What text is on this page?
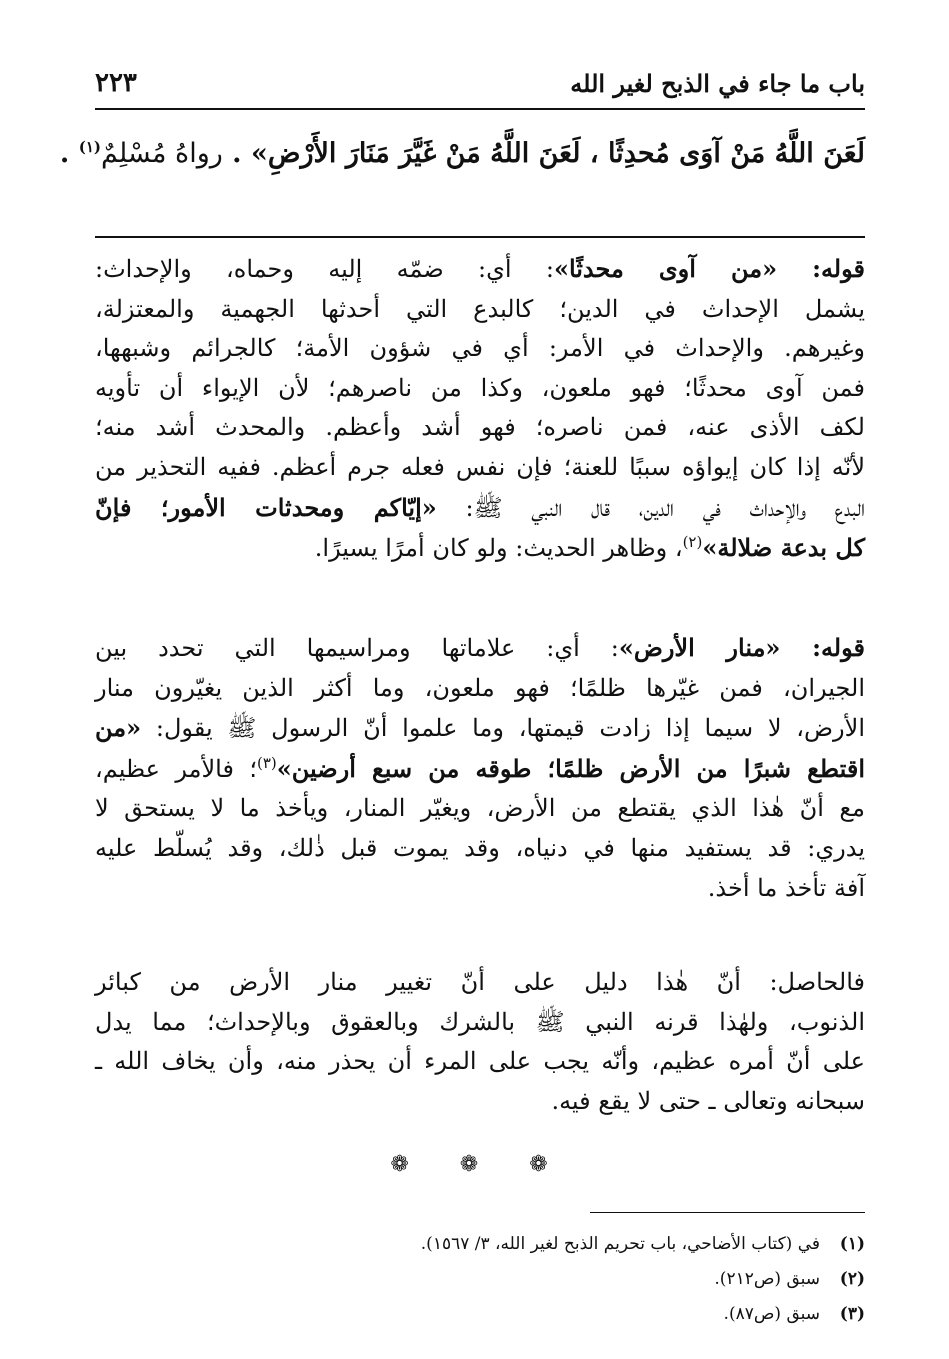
باب ما جاء في الذبح لغير الله
٢٢٣
لَعَنَ اللَّهُ مَنْ آوَى مُحدِثًا ، لَعَنَ اللَّهُ مَنْ غَيَّرَ مَنَارَ الأَرْضِ» . رواهُ مُسْلِمٌ$^{(١)}$ .
قوله: «من آوى محدثًا»: أي: ضمّه إليه وحماه، والإحداث:
يشمل الإحداث في الدين؛ كالبدع التي أحدثها الجهمية والمعتزلة،
وغيرهم. والإحداث في الأمر: أي في شؤون الأمة؛ كالجرائم وشبهها،
فمن آوى محدثًا؛ فهو ملعون، وكذا من ناصرهم؛ لأن الإيواء أن تأويه
لكف الأذى عنه، فمن ناصره؛ فهو أشد وأعظم. والمحدث أشد منه؛
لأنّه إذا كان إيواؤه سببًا للعنة؛ فإن نفس فعله جرم أعظم. ففيه التحذير من
البدع والإحداث في الدين، قال النبي ﷺ: «إيّاكم ومحدثات الأمور؛ فإنّ
كل بدعة ضلالة»$^{(٢)}$، وظاهر الحديث: ولو كان أمرًا يسيرًا.
قوله: «منار الأرض»: أي: علاماتها ومراسيمها التي تحدد بين
الجيران، فمن غيّرها ظلمًا؛ فهو ملعون، وما أكثر الذين يغيّرون منار
الأرض، لا سيما إذا زادت قيمتها، وما علموا أنّ الرسول ﷺ يقول: «من
اقتطع شبرًا من الأرض ظلمًا؛ طوقه من سبع أرضين»$^{(٣)}$؛ فالأمر عظيم،
مع أنّ هٰذا الذي يقتطع من الأرض، ويغيّر المنار، ويأخذ ما لا يستحق لا
يدري: قد يستفيد منها في دنياه، وقد يموت قبل ذٰلك، وقد يُسلّط عليه
آفة تأخذ ما أخذ.
فالحاصل: أنّ هٰذا دليل على أنّ تغيير منار الأرض من كبائر
الذنوب، ولهٰذا قرنه النبي ﷺ بالشرك وبالعقوق وبالإحداث؛ مما يدل
على أنّ أمره عظيم، وأنّه يجب على المرء أن يحذر منه، وأن يخاف الله ـ
سبحانه وتعالى ـ حتى لا يقع فيه.
❁ ❁ ❁
(١)
في (كتاب الأضاحي، باب تحريم الذبح لغير الله، ٣/ ١٥٦٧).
(٢)
سبق (ص٢١٢).
(٣)
سبق (ص٨٧).
